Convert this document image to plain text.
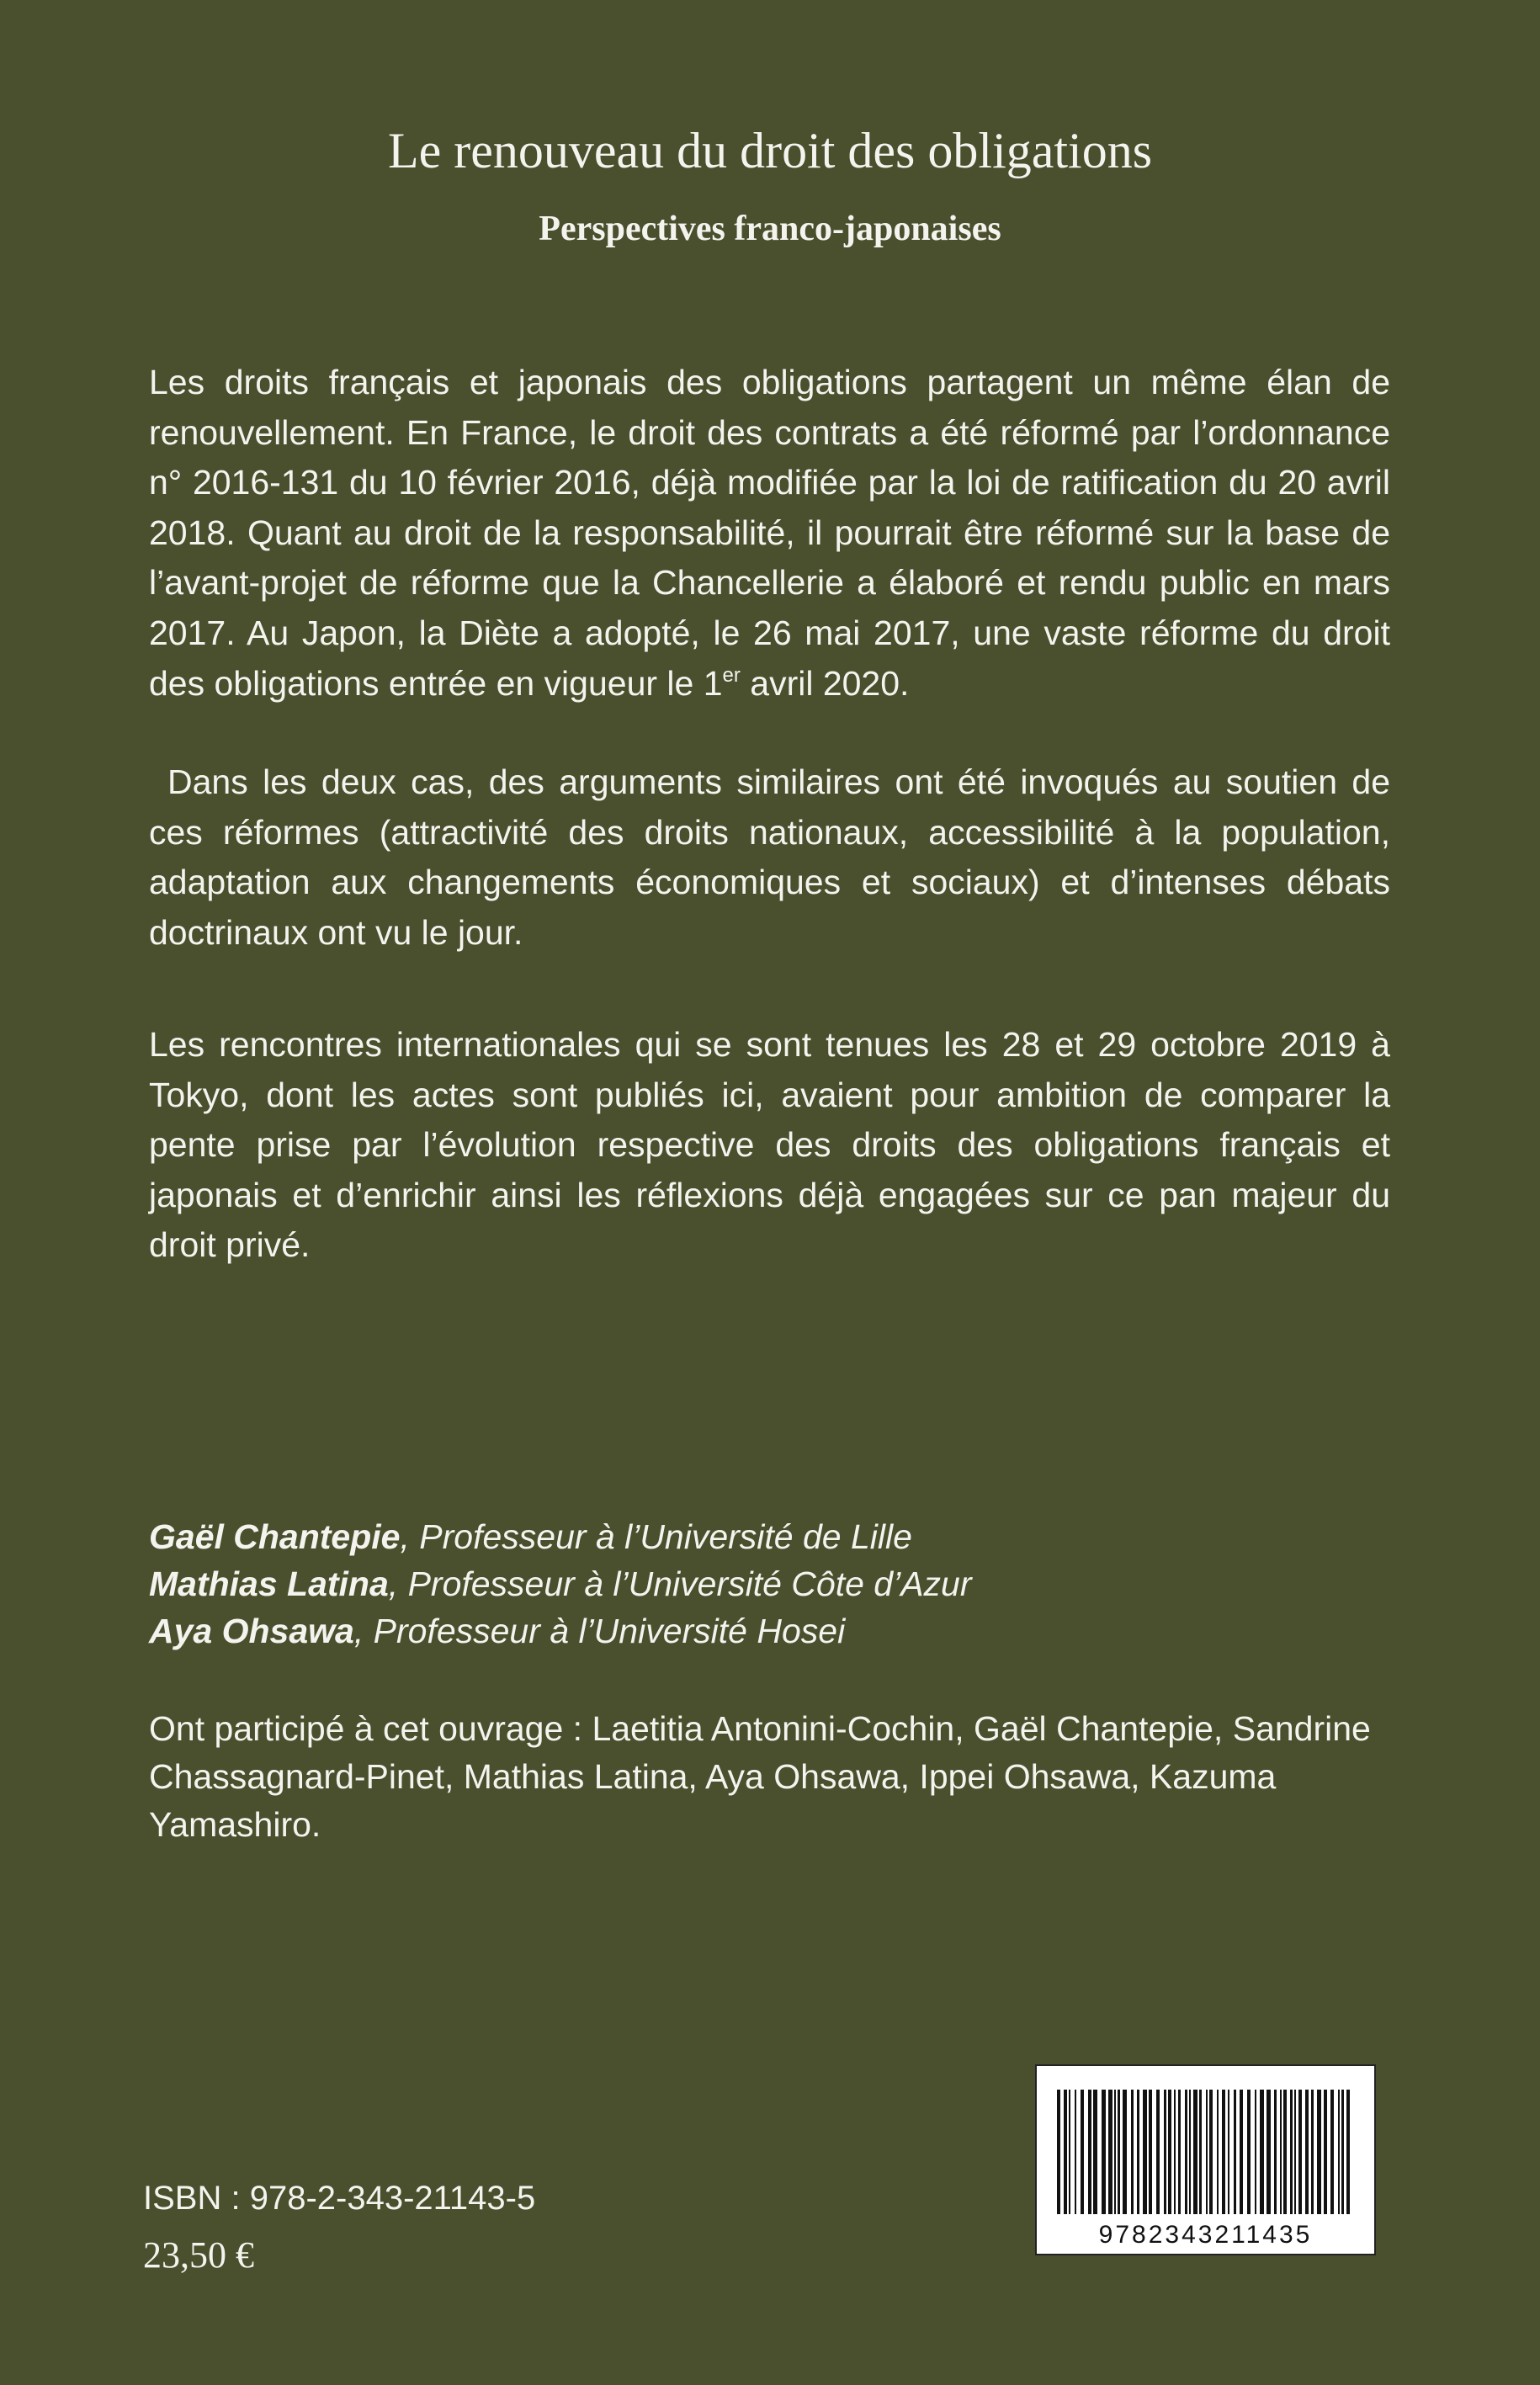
Le renouveau du droit des obligations
Perspectives franco-japonaises

Les droits français et japonais des obligations partagent un même élan de renouvellement. En France, le droit des contrats a été réformé par l’ordonnance n° 2016-131 du 10 février 2016, déjà modifiée par la loi de ratification du 20 avril 2018. Quant au droit de la responsabilité, il pourrait être réformé sur la base de l’avant-projet de réforme que la Chancellerie a élaboré et rendu public en mars 2017. Au Japon, la Diète a adopté, le 26 mai 2017, une vaste réforme du droit des obligations entrée en vigueur le 1er avril 2020.

Dans les deux cas, des arguments similaires ont été invoqués au soutien de ces réformes (attractivité des droits nationaux, accessibilité à la population, adaptation aux changements économiques et sociaux) et d’intenses débats doctrinaux ont vu le jour.

Les rencontres internationales qui se sont tenues les 28 et 29 octobre 2019 à Tokyo, dont les actes sont publiés ici, avaient pour ambition de comparer la pente prise par l’évolution respective des droits des obligations français et japonais et d’enrichir ainsi les réflexions déjà engagées sur ce pan majeur du droit privé.

Gaël Chantepie, Professeur à l’Université de Lille
Mathias Latina, Professeur à l’Université Côte d’Azur
Aya Ohsawa, Professeur à l’Université Hosei

Ont participé à cet ouvrage : Laetitia Antonini-Cochin, Gaël Chantepie, Sandrine Chassagnard-Pinet, Mathias Latina, Aya Ohsawa, Ippei Ohsawa, Kazuma Yamashiro.

ISBN : 978-2-343-21143-5
23,50 €	9782343211435
